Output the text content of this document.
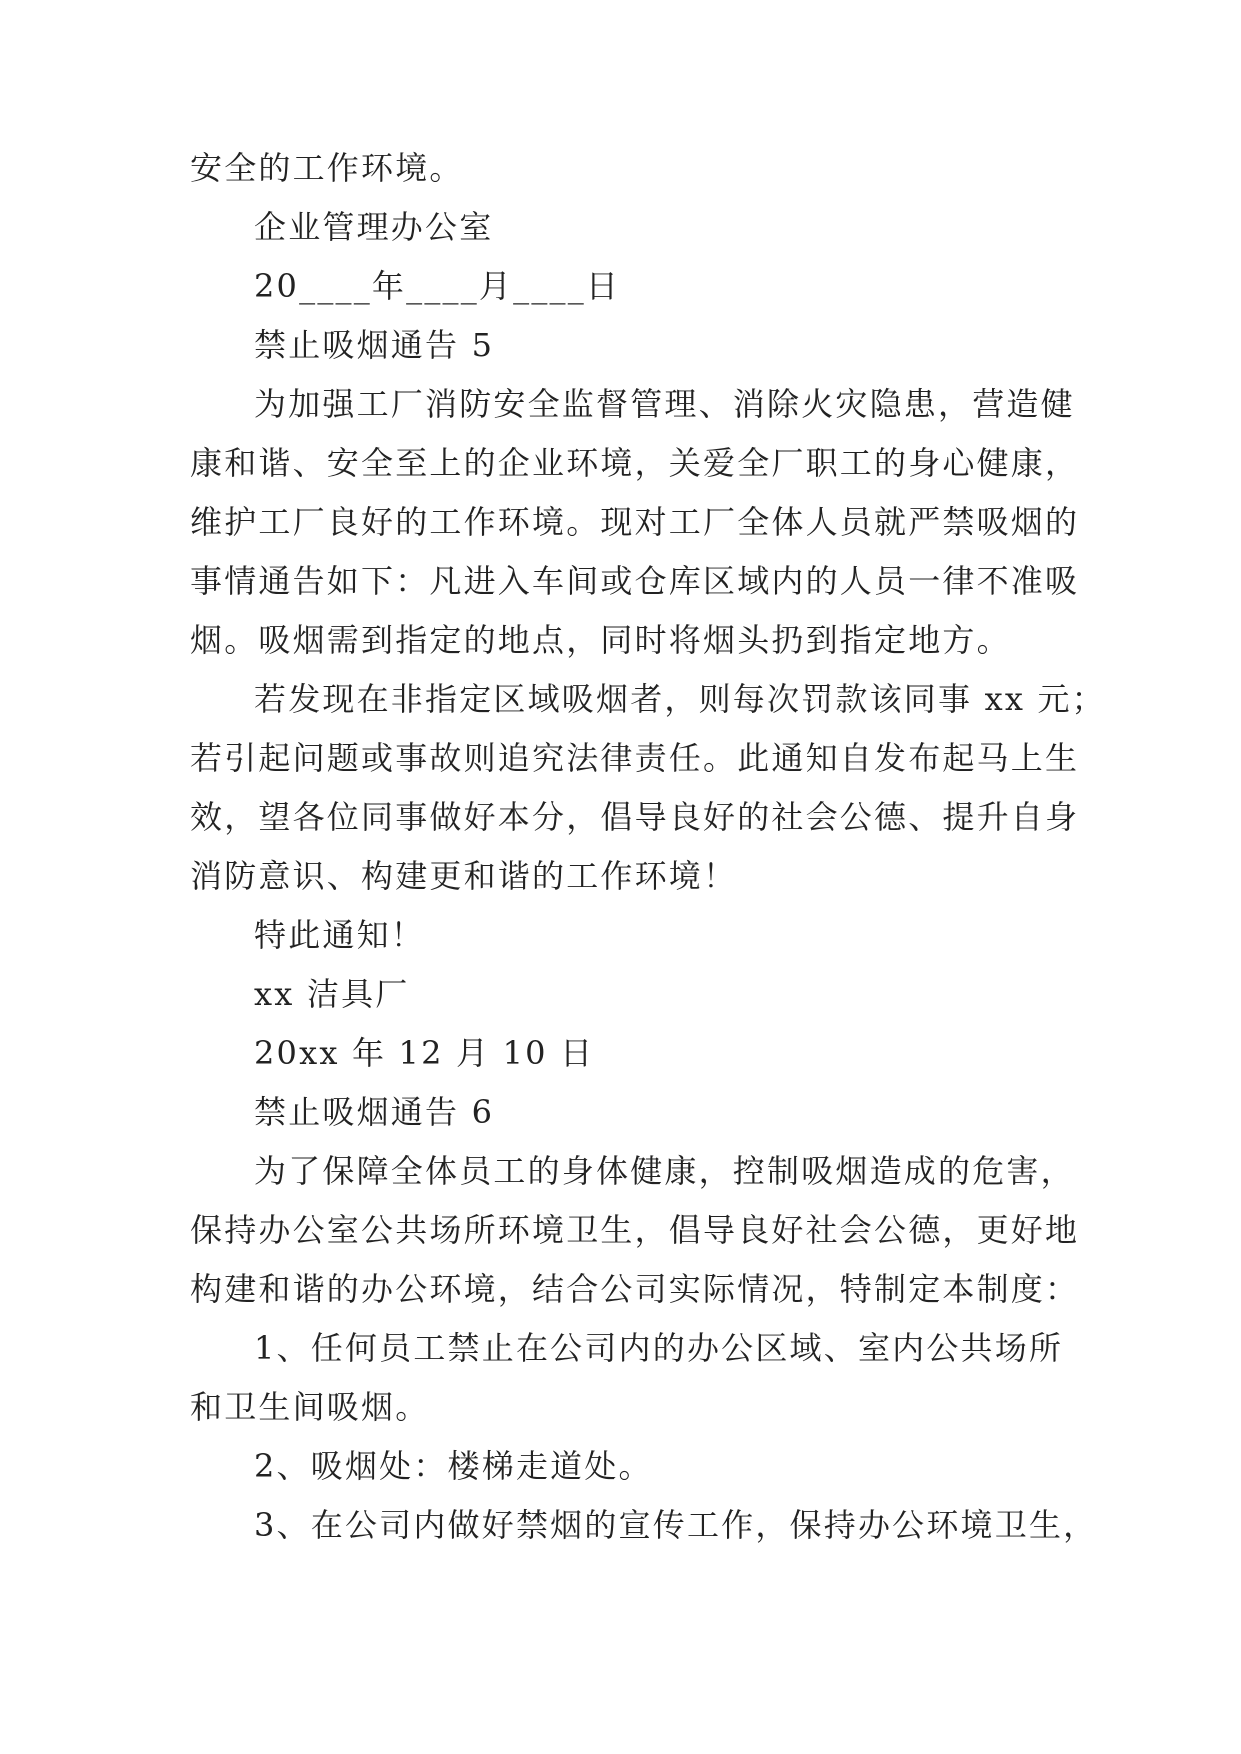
安全的工作环境。
企业管理办公室
20____年____月____日
禁止吸烟通告 5
为加强工厂消防安全监督管理、消除火灾隐患，营造健
康和谐、安全至上的企业环境，关爱全厂职工的身心健康，
维护工厂良好的工作环境。现对工厂全体人员就严禁吸烟的
事情通告如下：凡进入车间或仓库区域内的人员一律不准吸
烟。吸烟需到指定的地点，同时将烟头扔到指定地方。
若发现在非指定区域吸烟者，则每次罚款该同事 xx 元；
若引起问题或事故则追究法律责任。此通知自发布起马上生
效，望各位同事做好本分，倡导良好的社会公德、提升自身
消防意识、构建更和谐的工作环境！
特此通知！
xx 洁具厂
20xx 年 12 月 10 日
禁止吸烟通告 6
为了保障全体员工的身体健康，控制吸烟造成的危害，
保持办公室公共场所环境卫生，倡导良好社会公德，更好地
构建和谐的办公环境，结合公司实际情况，特制定本制度：
1、任何员工禁止在公司内的办公区域、室内公共场所
和卫生间吸烟。
2、吸烟处：楼梯走道处。
3、在公司内做好禁烟的宣传工作，保持办公环境卫生，
